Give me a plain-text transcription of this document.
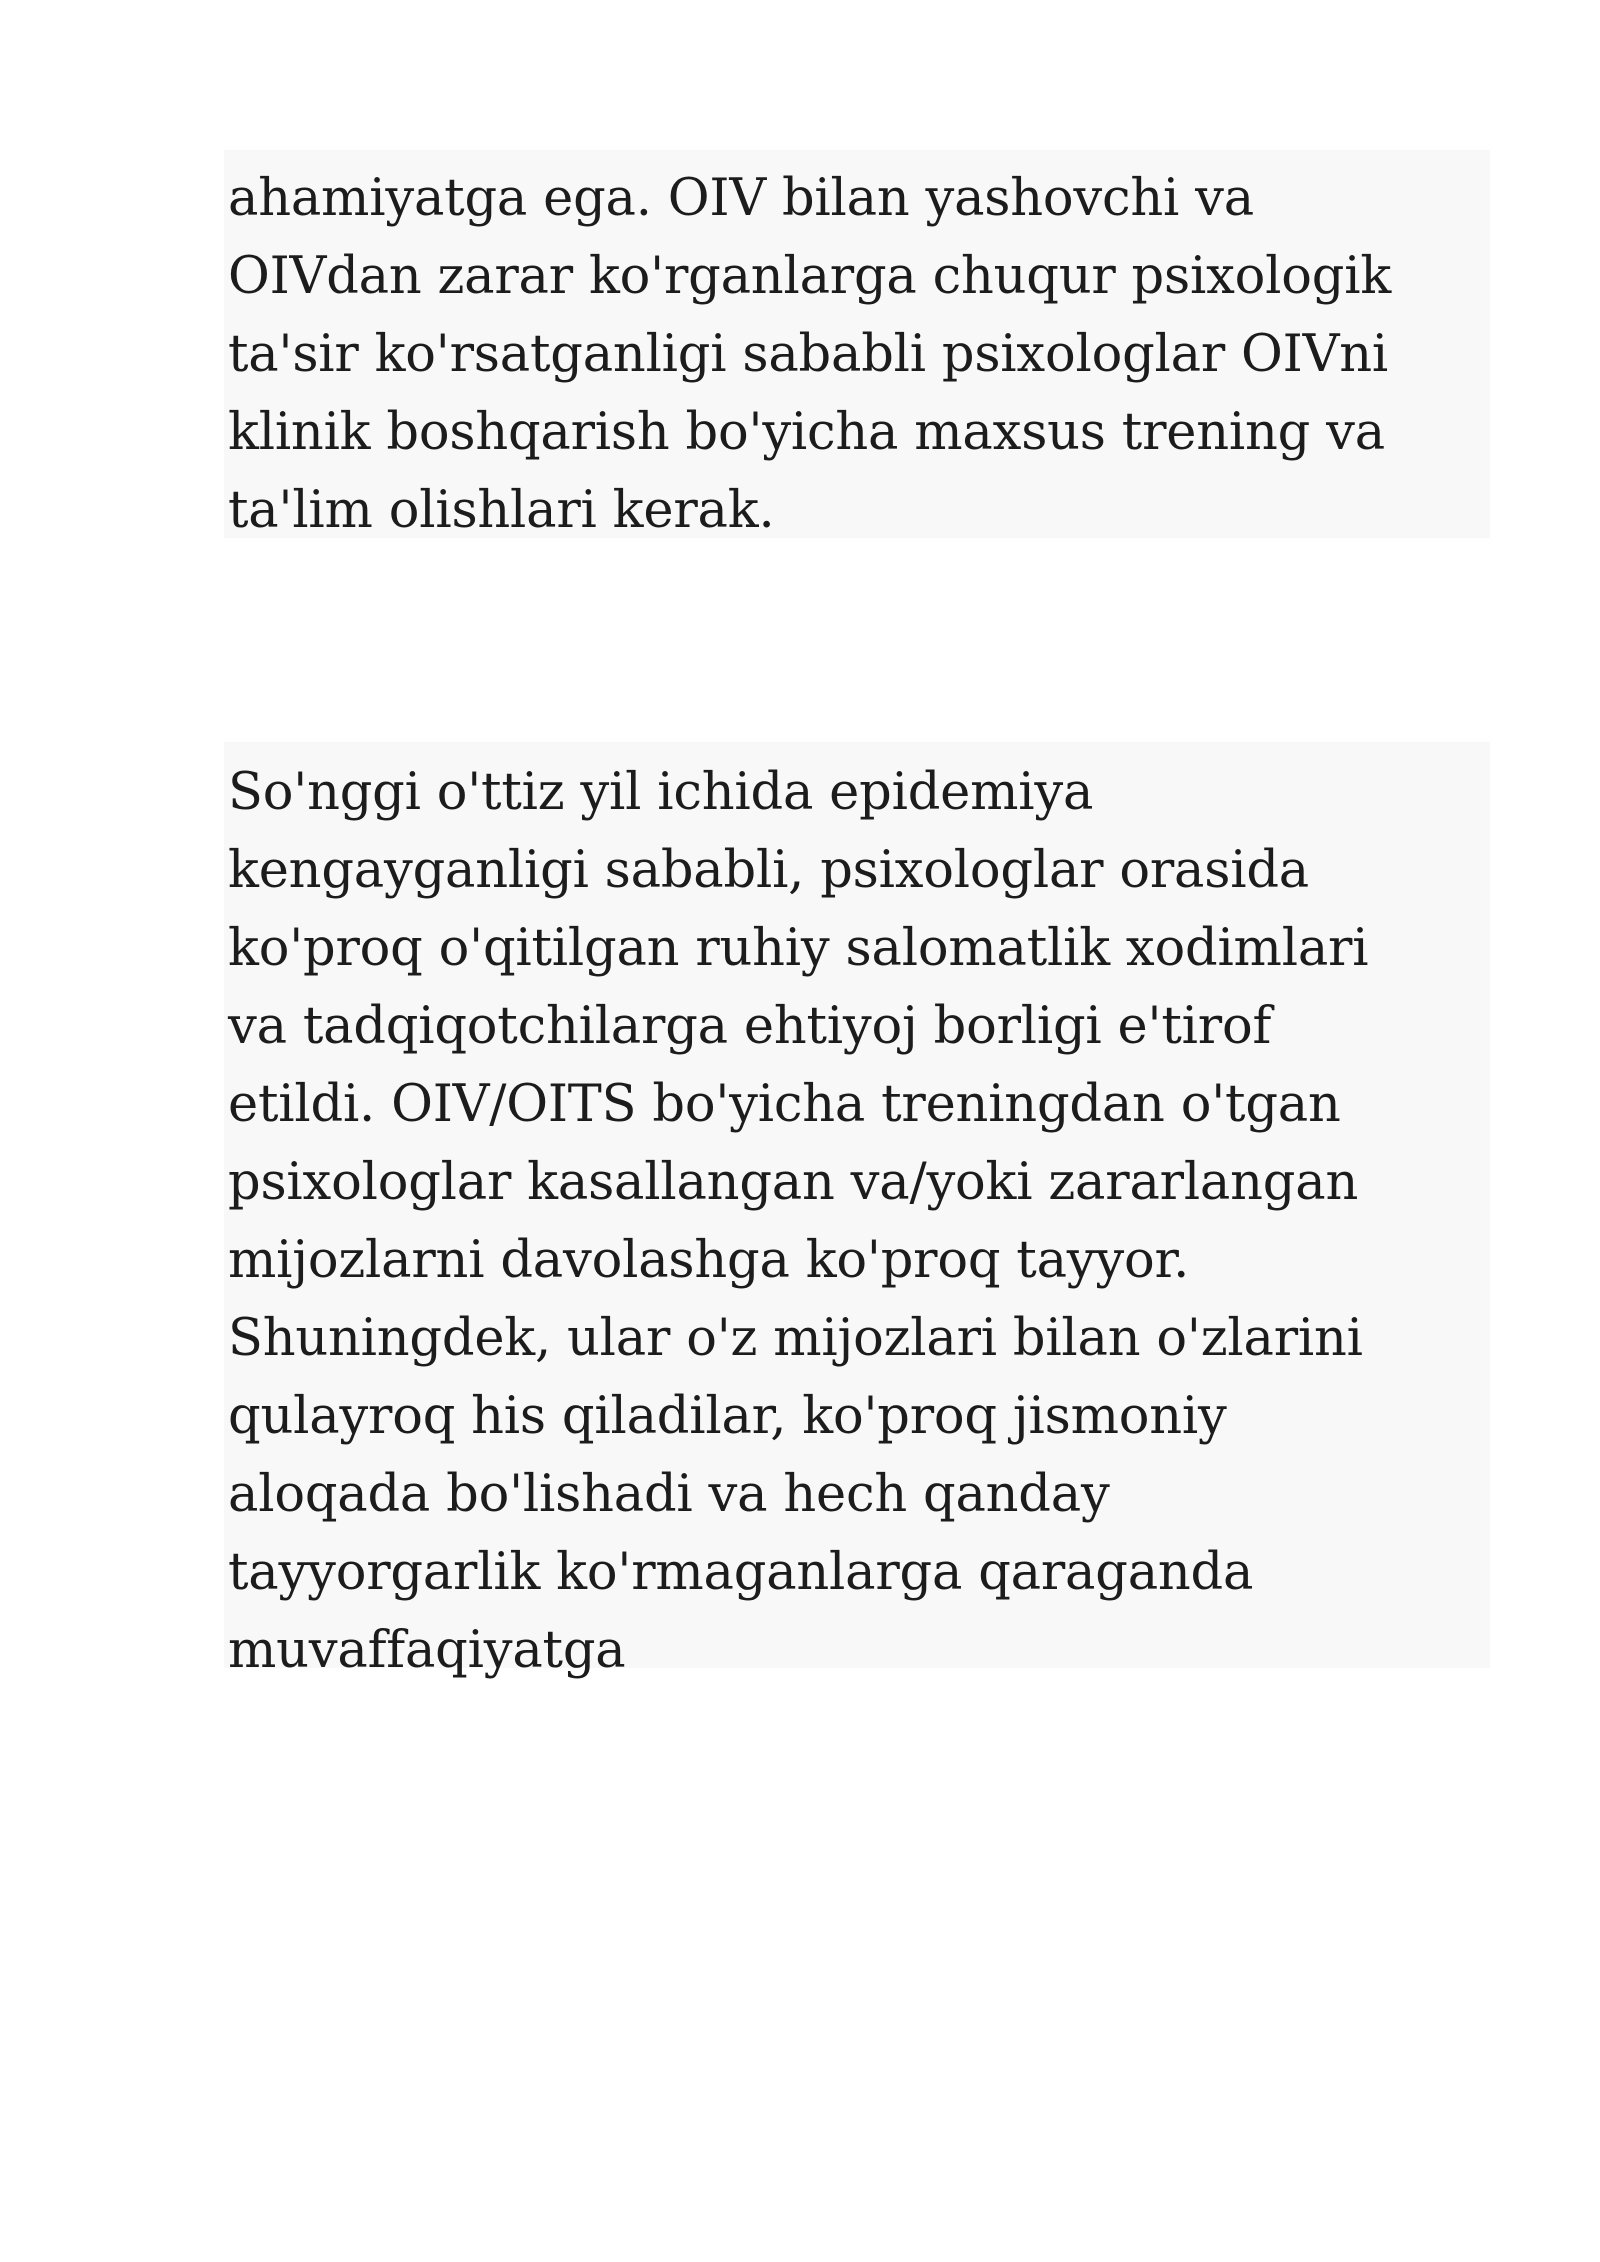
ahamiyatga ega. OIV bilan yashovchi va
OIVdan zarar ko'rganlarga chuqur psixologik
ta'sir ko'rsatganligi sababli psixologlar OIVni
klinik boshqarish bo'yicha maxsus trening va
ta'lim olishlari kerak.
So'nggi o'ttiz yil ichida epidemiya
kengayganligi sababli, psixologlar orasida
ko'proq o'qitilgan ruhiy salomatlik xodimlari
va tadqiqotchilarga ehtiyoj borligi e'tirof
etildi. OIV/OITS bo'yicha treningdan o'tgan
psixologlar kasallangan va/yoki zararlangan
mijozlarni davolashga ko'proq tayyor.
Shuningdek, ular o'z mijozlari bilan o'zlarini
qulayroq his qiladilar, ko'proq jismoniy
aloqada bo'lishadi va hech qanday
tayyorgarlik ko'rmaganlarga qaraganda
muvaffaqiyatga
